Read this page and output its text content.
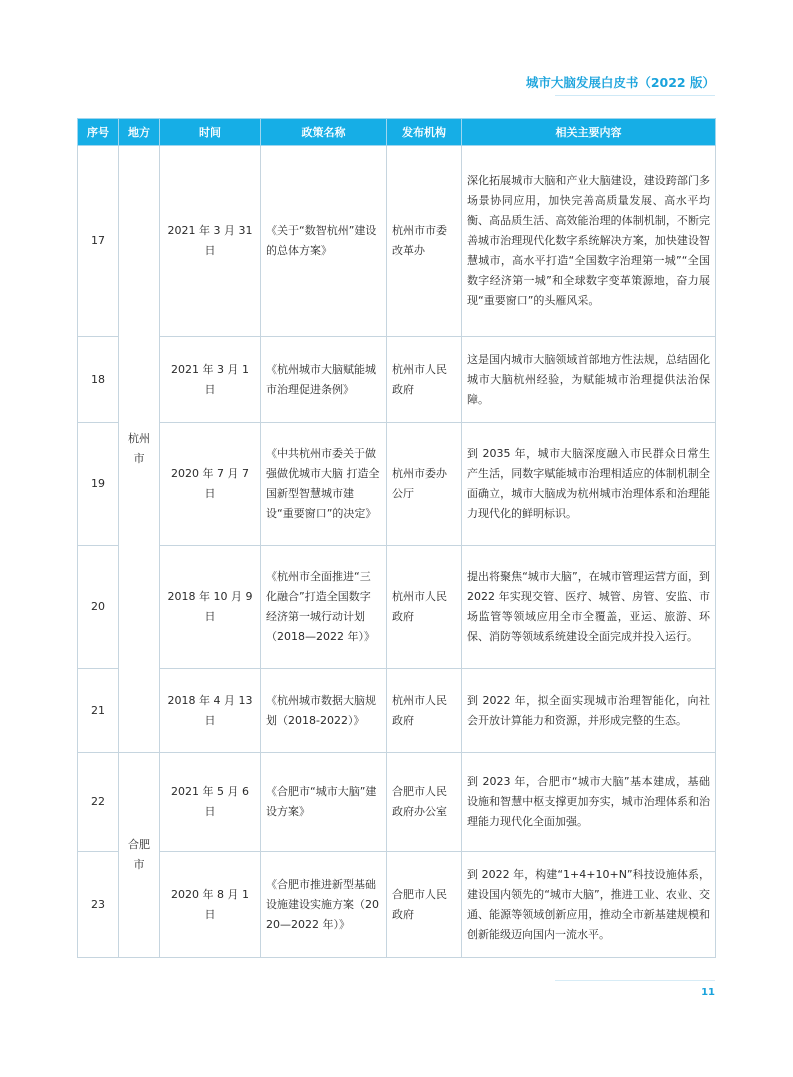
城市大脑发展白皮书（2022 版）
序号	地方	时间	政策名称	发布机构	相关主要内容
17	杭州市	2021 年 3 月 31 日	《关于“数智杭州”建设的总体方案》	杭州市市委改革办	深化拓展城市大脑和产业大脑建设，建设跨部门多场景协同应用，加快完善高质量发展、高水平均衡、高品质生活、高效能治理的体制机制，不断完善城市治理现代化数字系统解决方案，加快建设智慧城市，高水平打造“全国数字治理第一城”“全国数字经济第一城”和全球数字变革策源地，奋力展现“重要窗口”的头雁风采。
18		2021 年 3 月 1 日	《杭州城市大脑赋能城市治理促进条例》	杭州市人民政府	这是国内城市大脑领域首部地方性法规，总结固化城市大脑杭州经验，为赋能城市治理提供法治保障。
19		2020 年 7 月 7 日	《中共杭州市委关于做强做优城市大脑 打造全国新型智慧城市建设“重要窗口”的决定》	杭州市委办公厅	到 2035 年，城市大脑深度融入市民群众日常生产生活，同数字赋能城市治理相适应的体制机制全面确立，城市大脑成为杭州城市治理体系和治理能力现代化的鲜明标识。
20		2018 年 10 月 9 日	《杭州市全面推进“三化融合”打造全国数字经济第一城行动计划（2018—2022 年）》	杭州市人民政府	提出将聚焦“城市大脑”，在城市管理运营方面，到 2022 年实现交管、医疗、城管、房管、安监、市场监管等领域应用全市全覆盖，亚运、旅游、环保、消防等领域系统建设全面完成并投入运行。
21		2018 年 4 月 13 日	《杭州城市数据大脑规划（2018-2022）》	杭州市人民政府	到 2022 年，拟全面实现城市治理智能化，向社会开放计算能力和资源，并形成完整的生态。
22	合肥市	2021 年 5 月 6 日	《合肥市“城市大脑”建设方案》	合肥市人民政府办公室	到 2023 年，合肥市“城市大脑”基本建成，基础设施和智慧中枢支撑更加夯实，城市治理体系和治理能力现代化全面加强。
23		2020 年 8 月 1 日	《合肥市推进新型基础设施建设实施方案（2020—2022 年）》	合肥市人民政府	到 2022 年，构建“1+4+10+N”科技设施体系，建设国内领先的“城市大脑”，推进工业、农业、交通、能源等领域创新应用，推动全市新基建规模和创新能级迈向国内一流水平。
11
